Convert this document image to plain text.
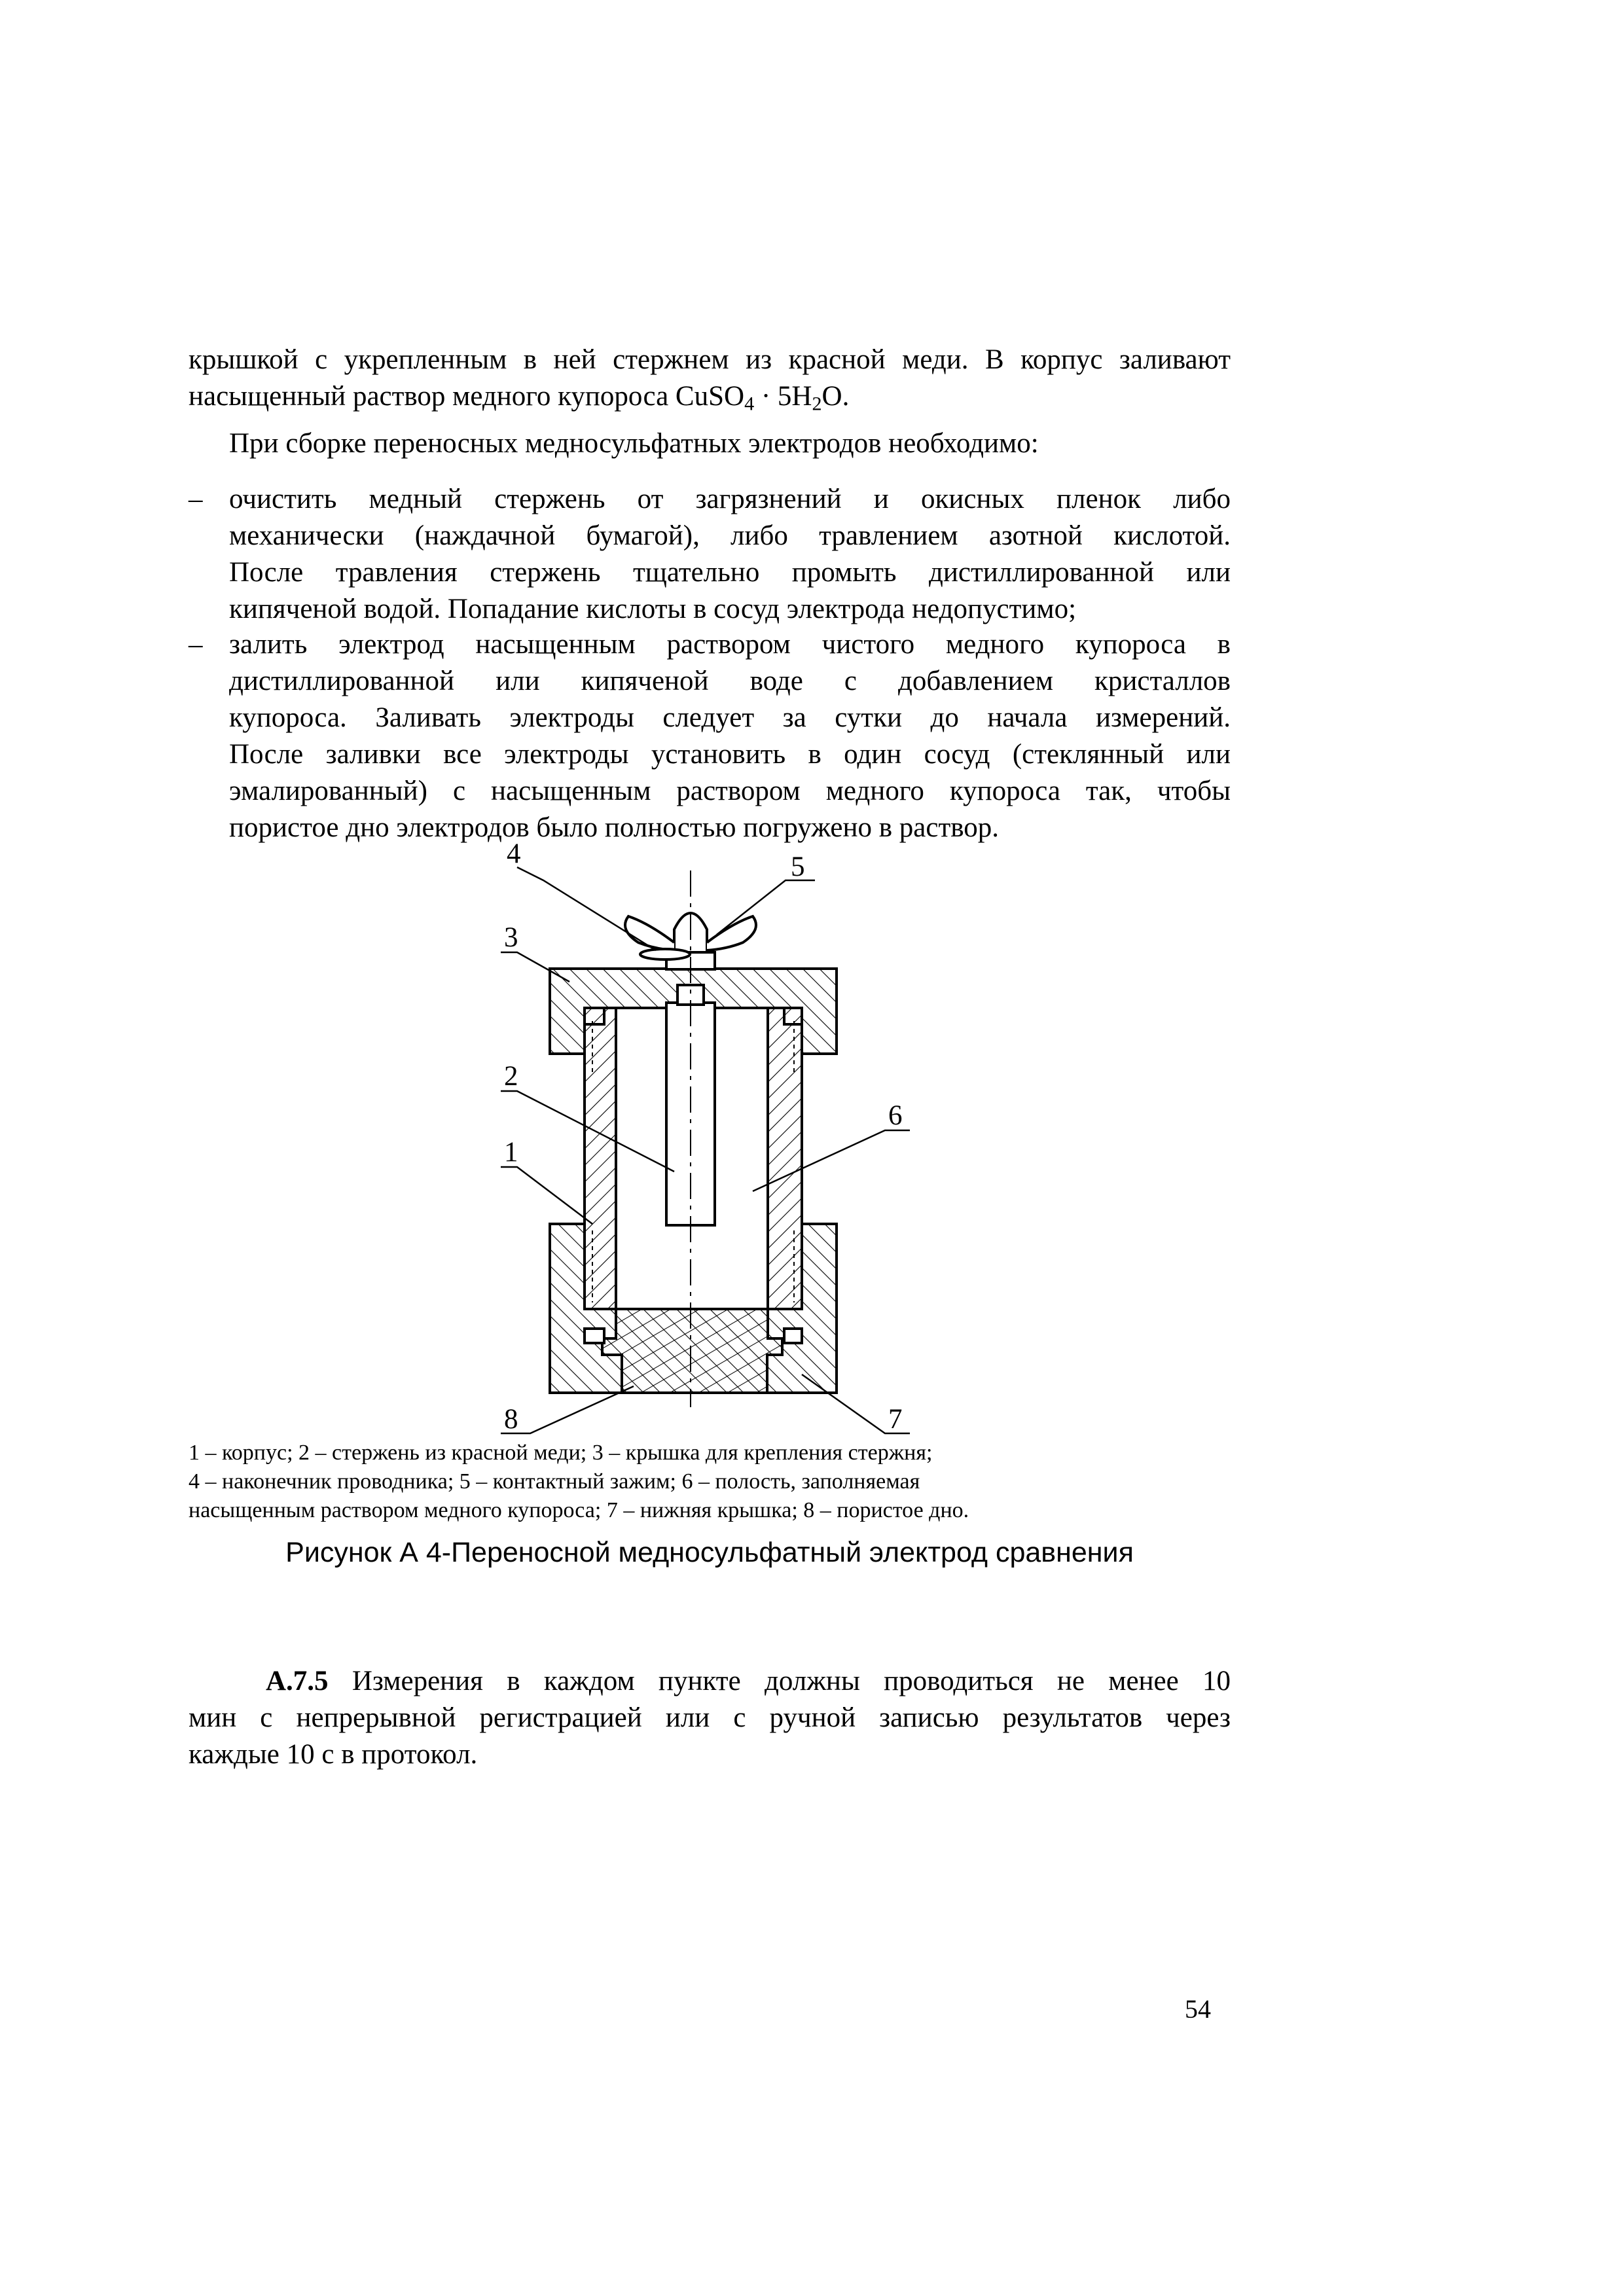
крышкой с укрепленным в ней стержнем из красной меди. В корпус заливают
насыщенный раствор медного купороса CuSO$_4$ · $5H_2O$.
При сборке переносных медносульфатных электродов необходимо:
– очистить медный стержень от загрязнений и окисных пленок либо
механически (наждачной бумагой), либо травлением азотной кислотой.
После травления стержень тщательно промыть дистиллированной или
кипяченой водой. Попадание кислоты в сосуд электрода недопустимо;
– залить электрод насыщенным раствором чистого медного купороса в
дистиллированной или кипяченой воде с добавлением кристаллов
купороса. Заливать электроды следует за сутки до начала измерений.
После заливки все электроды установить в один сосуд (стеклянный или
эмалированный) с насыщенным раствором медного купороса так, чтобы
пористое дно электродов было полностью погружено в раствор.
4	5
3
2
1
6
8	7
1 – корпус; 2 – стержень из красной меди; 3 – крышка для крепления стержня;
4 – наконечник проводника; 5 – контактный зажим; 6 – полость, заполняемая
насыщенным раствором медного купороса; 7 – нижняя крышка; 8 – пористое дно.
Рисунок А 4-Переносной медносульфатный электрод сравнения
А.7.5 Измерения в каждом пункте должны проводиться не менее 10
мин с непрерывной регистрацией или с ручной записью результатов через
каждые 10 с в протокол.
54
